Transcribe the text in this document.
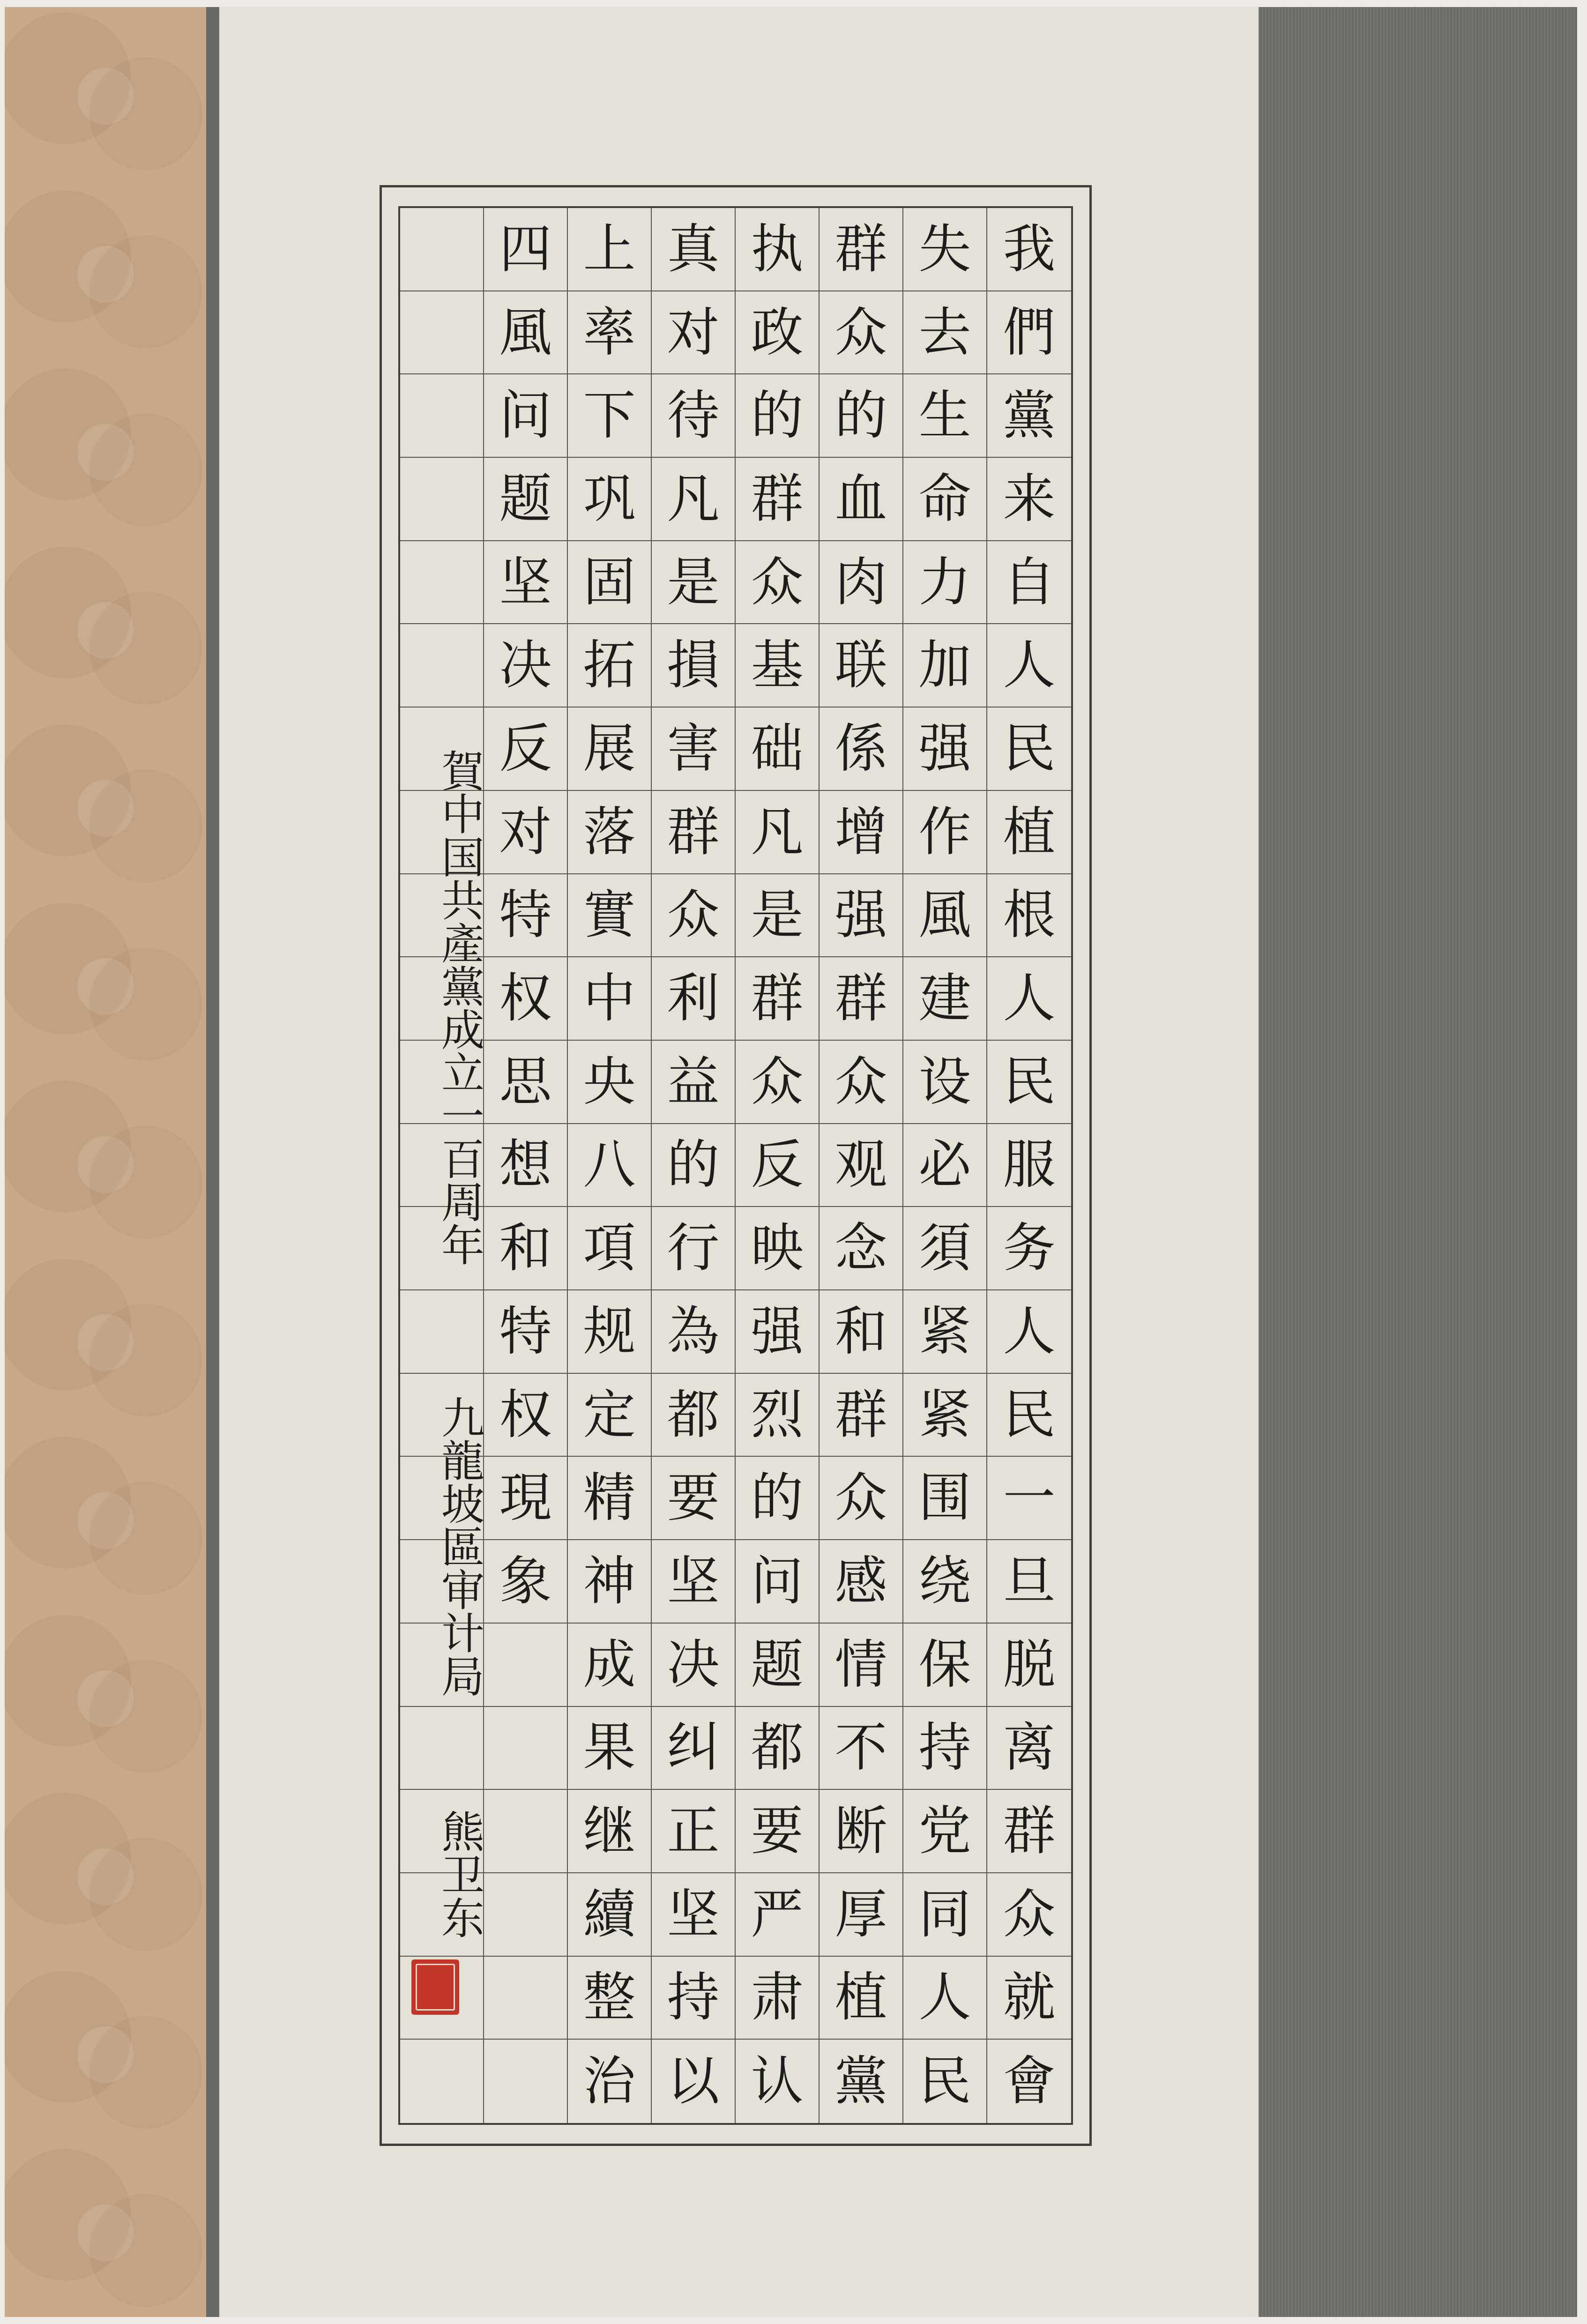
四 上 真 执 群 失 我
風 率 对 政 众 去 們
问 下 待 的 的 生 黨
题 巩 凡 群 血 命 来
坚 固 是 众 肉 力 自
决 拓 損 基 联 加 人
反 展 害 础 係 强 民
对 落 群 凡 增 作 植
特 實 众 是 强 風 根
权 中 利 群 群 建 人
思 央 益 众 众 设 民
想 八 的 反 观 必 服
和 項 行 映 念 須 务
特 规 為 强 和 紧 人
权 定 都 烈 群 紧 民
現 精 要 的 众 围 一
象 神 坚 问 感 绕 旦
成 决 题 情 保 脱
果 纠 都 不 持 离
继 正 要 断 党 群
續 坚 严 厚 同 众
整 持 肃 植 人 就
治 以 认 黨 民 會
賀中国共產黨成立一百周年
九龍坡區审计局
熊卫东
